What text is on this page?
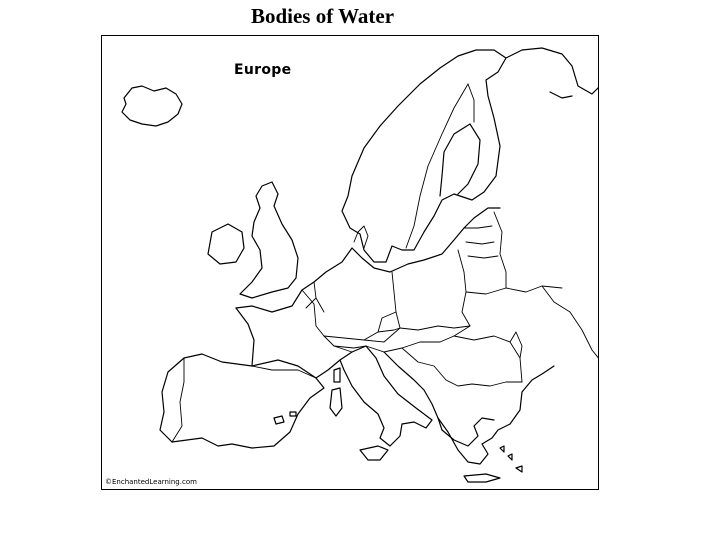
Bodies of Water
Europe
©EnchantedLearning.com
